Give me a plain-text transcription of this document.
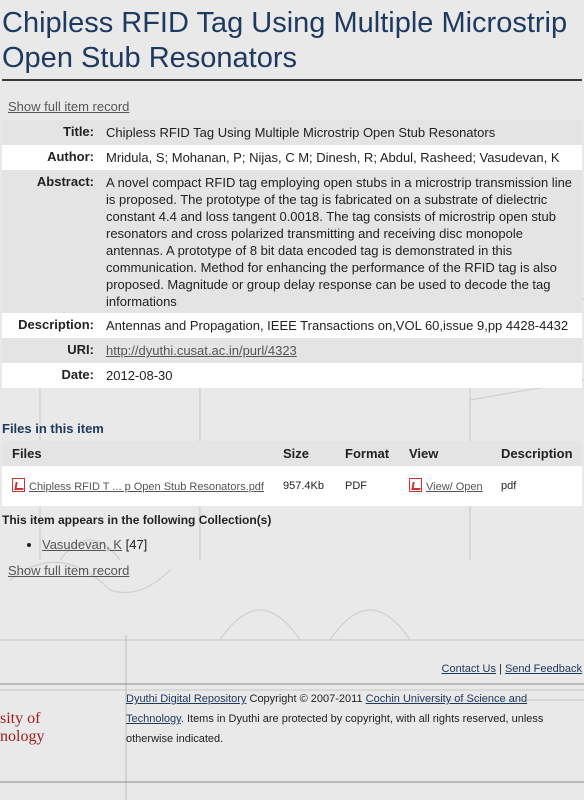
Chipless RFID Tag Using Multiple Microstrip Open Stub Resonators
Show full item record
Title:	Chipless RFID Tag Using Multiple Microstrip Open Stub Resonators
Author:	Mridula, S; Mohanan, P; Nijas, C M; Dinesh, R; Abdul, Rasheed; Vasudevan, K
Abstract:	A novel compact RFID tag employing open stubs in a microstrip transmission line is proposed. The prototype of the tag is fabricated on a substrate of dielectric constant 4.4 and loss tangent 0.0018. The tag consists of microstrip open stub resonators and cross polarized transmitting and receiving disc monopole antennas. A prototype of 8 bit data encoded tag is demonstrated in this communication. Method for enhancing the performance of the RFID tag is also proposed. Magnitude or group delay response can be used to decode the tag informations
Description:	Antennas and Propagation, IEEE Transactions on,VOL 60,issue 9,pp 4428-4432
URI:	http://dyuthi.cusat.ac.in/purl/4323
Date:	2012-08-30
Files in this item
Files	Size	Format	View	Description
Chipless RFID T ... p Open Stub Resonators.pdf	957.4Kb	PDF	View/ Open	pdf
This item appears in the following Collection(s)
• Vasudevan, K [47]
Show full item record
Contact Us | Send Feedback
sity of
nology
Dyuthi Digital Repository Copyright © 2007-2011 Cochin University of Science and Technology. Items in Dyuthi are protected by copyright, with all rights reserved, unless otherwise indicated.
